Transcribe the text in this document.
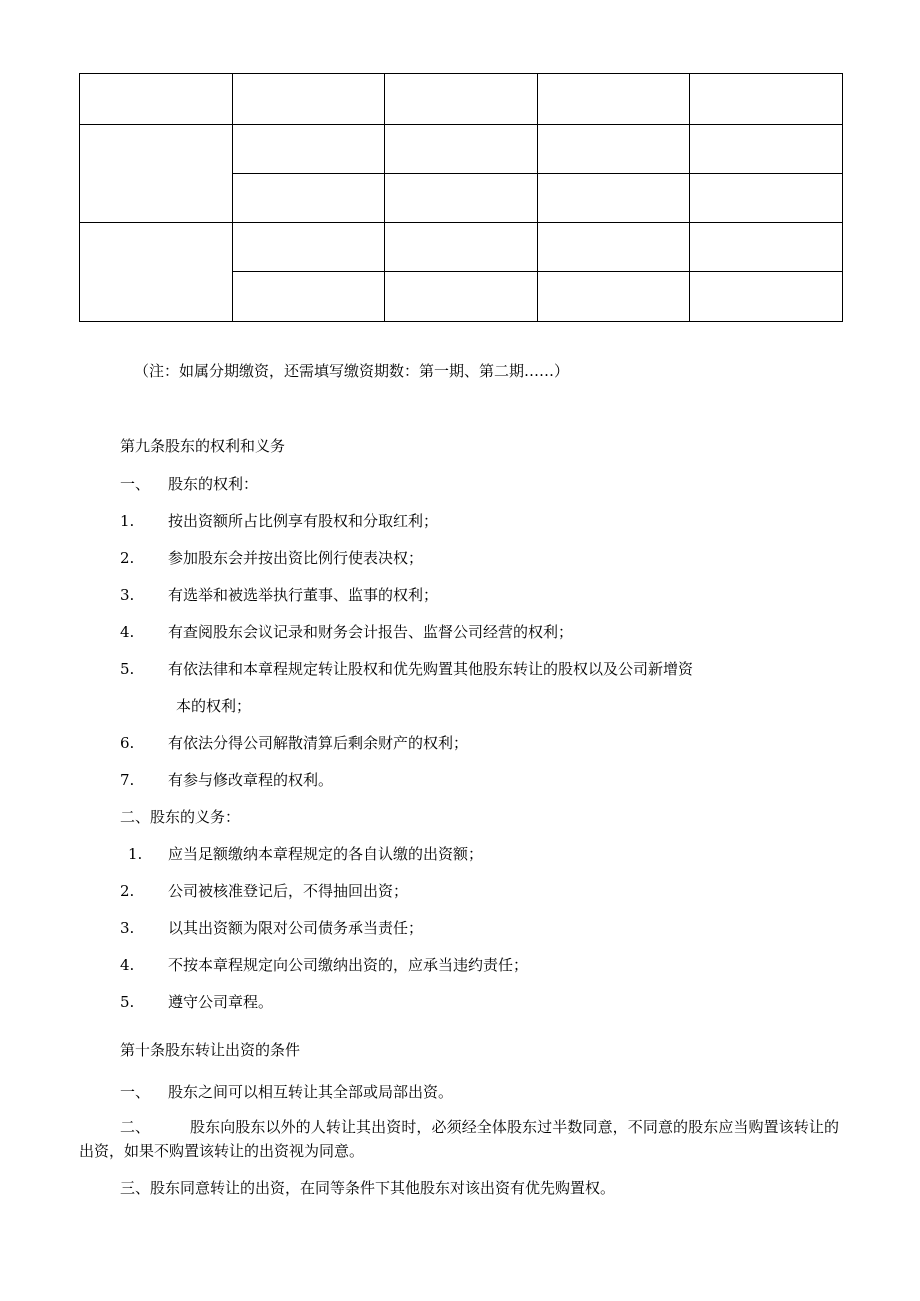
（注：如属分期缴资，还需填写缴资期数：第一期、第二期……）
第九条股东的权利和义务
一、 股东的权利：
1. 按出资额所占比例享有股权和分取红利；
2. 参加股东会并按出资比例行使表决权；
3. 有选举和被选举执行董事、监事的权利；
4. 有查阅股东会议记录和财务会计报告、监督公司经营的权利；
5. 有依法律和本章程规定转让股权和优先购置其他股东转让的股权以及公司新增资
本的权利；
6. 有依法分得公司解散清算后剩余财产的权利；
7. 有参与修改章程的权利。
二、股东的义务：
1. 应当足额缴纳本章程规定的各自认缴的出资额；
2. 公司被核准登记后，不得抽回出资；
3. 以其出资额为限对公司债务承当责任；
4. 不按本章程规定向公司缴纳出资的，应承当违约责任；
5. 遵守公司章程。
第十条股东转让出资的条件
一、 股东之间可以相互转让其全部或局部出资。
二、	股东向股东以外的人转让其出资时，必须经全体股东过半数同意，不同意的股东应当购置该转让的出资，如果不购置该转让的出资视为同意。
三、股东同意转让的出资，在同等条件下其他股东对该出资有优先购置权。
